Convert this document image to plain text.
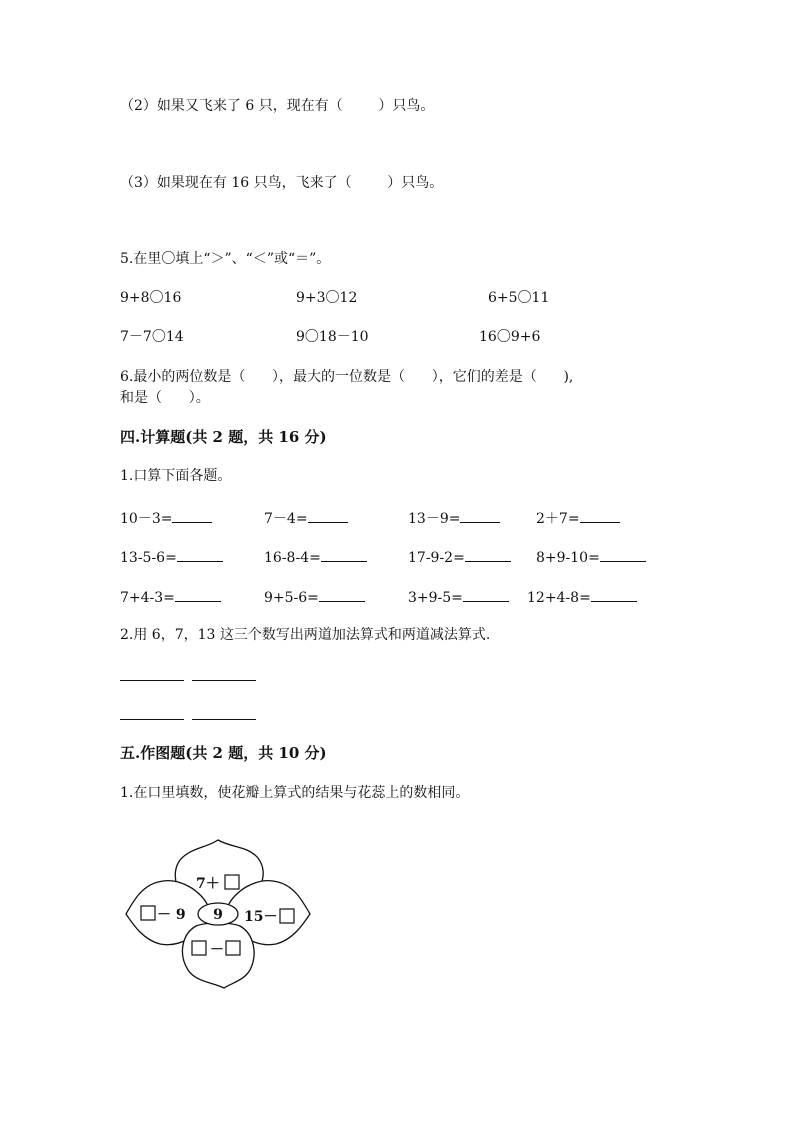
（2）如果又飞来了 6 只，现在有（        ）只鸟。
（3）如果现在有 16 只鸟，飞来了（        ）只鸟。
5.在里〇填上“＞”、“＜”或“＝”。
9+8〇16	9+3〇12	6+5〇11
7－7〇14	9〇18－10	16〇9+6
6.最小的两位数是（      ），最大的一位数是（      ），它们的差是（      ),
和是（      ）。
四.计算题(共 2 题，共 16 分)
1.口算下面各题。
10－3=	7－4=	13－9=	2＋7=
13-5-6=	16-8-4=	17-9-2=	8+9-10=
7+4-3=	9+5-6=	3+9-5=	12+4-8=
2.用 6，7，13 这三个数写出两道加法算式和两道减法算式.
五.作图题(共 2 题，共 10 分)
1.在口里填数，使花瓣上算式的结果与花蕊上的数相同。
9
7＋
－ 9	15－
－
